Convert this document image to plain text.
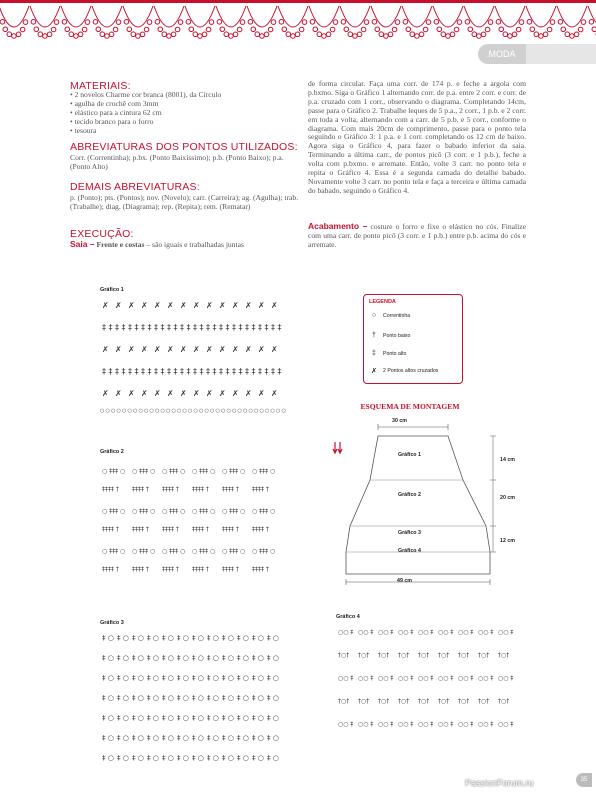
MODA
MATERIAIS:
• 2 novelos Charme cor branca (8001), da Círculo
• agulha de crochê com 3mm
• elástico para a cintura 62 cm
• tecido branco para o forro
• tesoura
ABREVIATURAS DOS PONTOS UTILIZADOS:
Corr. (Correntinha); p.bx. (Ponto Baixíssimo); p.b. (Ponto Baixo); p.a. (Ponto Alto)
DEMAIS ABREVIATURAS:
p. (Ponto); pts. (Pontos); nov. (Novelo); carr. (Carreira); ag. (Agulha); trab. (Trabalhe); diag. (Diagrama); rep. (Repita); rem. (Rematar)
EXECUÇÃO:
Saia – Frente e costas – são iguais e trabalhadas juntas
de forma circular. Faça uma corr. de 174 p. e feche a argola com p.bxmo. Siga o Gráfico 1 alternando corr. de p.a. entre 2 corr. e corr. de p.a. cruzado com 1 corr., observando o diagrama. Completando 14cm, passe para o Gráfico 2. Trabalhe leques de 5 p.a., 2 corr., 1 p.b. e 2 corr. em toda a volta, alternando com a carr. de 5 p.b. e 5 corr., conforme o diagrama. Com mais 20cm de comprimento, passe para o ponto tela seguindo o Gráfico 3: 1 p.a. e 1 corr. completando os 12 cm de baixo. Agora siga o Gráfico 4, para fazer o babado inferior da saia. Terminando a última carr., de pontos picô (3 corr. e 1 p.b.), feche a volta com p.bxmo. e arremate. Então, volte 3 carr. no ponto tela e repita o Gráfico 4. Essa é a segunda camada do detalhe babado. Novamente volte 3 carr. no ponto tela e faça a terceira e última camada do babado, seguindo o Gráfico 4.
Acabamento – costure o forro e fixe o elástico no cós. Finalize com uma carr. de ponto picô (3 corr. e 1 p.b.) entre p.b. acima do cós e arremate.
Gráfico 1
Gráfico 2
Gráfico 3
Gráfico 4
✗ ✗ ✗ ✗ ✗ ✗ ✗ ✗ ✗ ✗ ✗ ✗ ✗ ✗
‡ ‡ ‡ ‡ ‡ ‡ ‡ ‡ ‡ ‡ ‡ ‡ ‡ ‡ ‡ ‡ ‡ ‡ ‡ ‡ ‡ ‡ ‡ ‡ ‡ ‡ ‡ ‡
✗ ✗ ✗ ✗ ✗ ✗ ✗ ✗ ✗ ✗ ✗ ✗ ✗ ✗
‡ ‡ ‡ ‡ ‡ ‡ ‡ ‡ ‡ ‡ ‡ ‡ ‡ ‡ ‡ ‡ ‡ ‡ ‡ ‡ ‡ ‡ ‡ ‡ ‡ ‡ ‡ ‡
✗ ✗ ✗ ✗ ✗ ✗ ✗ ✗ ✗ ✗ ✗ ✗ ✗ ✗
○ ○ ○ ○ ○ ○ ○ ○ ○ ○ ○ ○ ○ ○ ○ ○ ○ ○ ○ ○ ○ ○ ○ ○ ○ ○ ○ ○ ○ ○ ○ ○ ○ ○
○ ‡‡‡ ○
‡‡‡‡ †
○ ‡‡‡ ○
‡‡‡‡ †
○ ‡‡‡ ○
‡‡‡‡ †
○ ‡‡‡ ○
‡‡‡‡ †
○ ‡‡‡ ○
‡‡‡‡ †
○ ‡‡‡ ○
‡‡‡‡ †
○ ‡‡‡ ○
‡‡‡‡ †
○ ‡‡‡ ○
‡‡‡‡ †
○ ‡‡‡ ○
‡‡‡‡ †
○ ‡‡‡ ○
‡‡‡‡ †
○ ‡‡‡ ○
‡‡‡‡ †
○ ‡‡‡ ○
‡‡‡‡ †
○ ‡‡‡ ○
‡‡‡‡ †
○ ‡‡‡ ○
‡‡‡‡ †
○ ‡‡‡ ○
‡‡‡‡ †
○ ‡‡‡ ○
‡‡‡‡ †
○ ‡‡‡ ○
‡‡‡‡ †
○ ‡‡‡ ○
‡‡‡‡ †
‡ ○ ‡ ○ ‡ ○ ‡ ○ ‡ ○ ‡ ○ ‡ ○ ‡ ○ ‡ ○ ‡ ○ ‡ ○ ‡ ○
‡ ○ ‡ ○ ‡ ○ ‡ ○ ‡ ○ ‡ ○ ‡ ○ ‡ ○ ‡ ○ ‡ ○ ‡ ○ ‡ ○
‡ ○ ‡ ○ ‡ ○ ‡ ○ ‡ ○ ‡ ○ ‡ ○ ‡ ○ ‡ ○ ‡ ○ ‡ ○ ‡ ○
‡ ○ ‡ ○ ‡ ○ ‡ ○ ‡ ○ ‡ ○ ‡ ○ ‡ ○ ‡ ○ ‡ ○ ‡ ○ ‡ ○
‡ ○ ‡ ○ ‡ ○ ‡ ○ ‡ ○ ‡ ○ ‡ ○ ‡ ○ ‡ ○ ‡ ○ ‡ ○ ‡ ○
‡ ○ ‡ ○ ‡ ○ ‡ ○ ‡ ○ ‡ ○ ‡ ○ ‡ ○ ‡ ○ ‡ ○ ‡ ○ ‡ ○
‡ ○ ‡ ○ ‡ ○ ‡ ○ ‡ ○ ‡ ○ ‡ ○ ‡ ○ ‡ ○ ‡ ○ ‡ ○ ‡ ○
○○ ‡ ○○ ‡ ○○ ‡ ○○ ‡ ○○ ‡ ○○ ‡ ○○ ‡ ○○ ‡ ○○ ‡
†○† †○† †○† †○† †○† †○† †○† †○† †○†
○○ ‡ ○○ ‡ ○○ ‡ ○○ ‡ ○○ ‡ ○○ ‡ ○○ ‡ ○○ ‡ ○○ ‡
†○† †○† †○† †○† †○† †○† †○† †○† †○†
○○ ‡ ○○ ‡ ○○ ‡ ○○ ‡ ○○ ‡ ○○ ‡ ○○ ‡ ○○ ‡ ○○ ‡
LEGENDA
○	Correntinha
†	Ponto baixo
‡	Ponto alto
✗ 2 Pontos altos cruzados
ESQUEMA DE MONTAGEM
30 cm
14 cm
20 cm
12 cm
49 cm
Gráfico 1
Gráfico 2
Gráfico 3
Gráfico 4
PassionForum.ru	35
